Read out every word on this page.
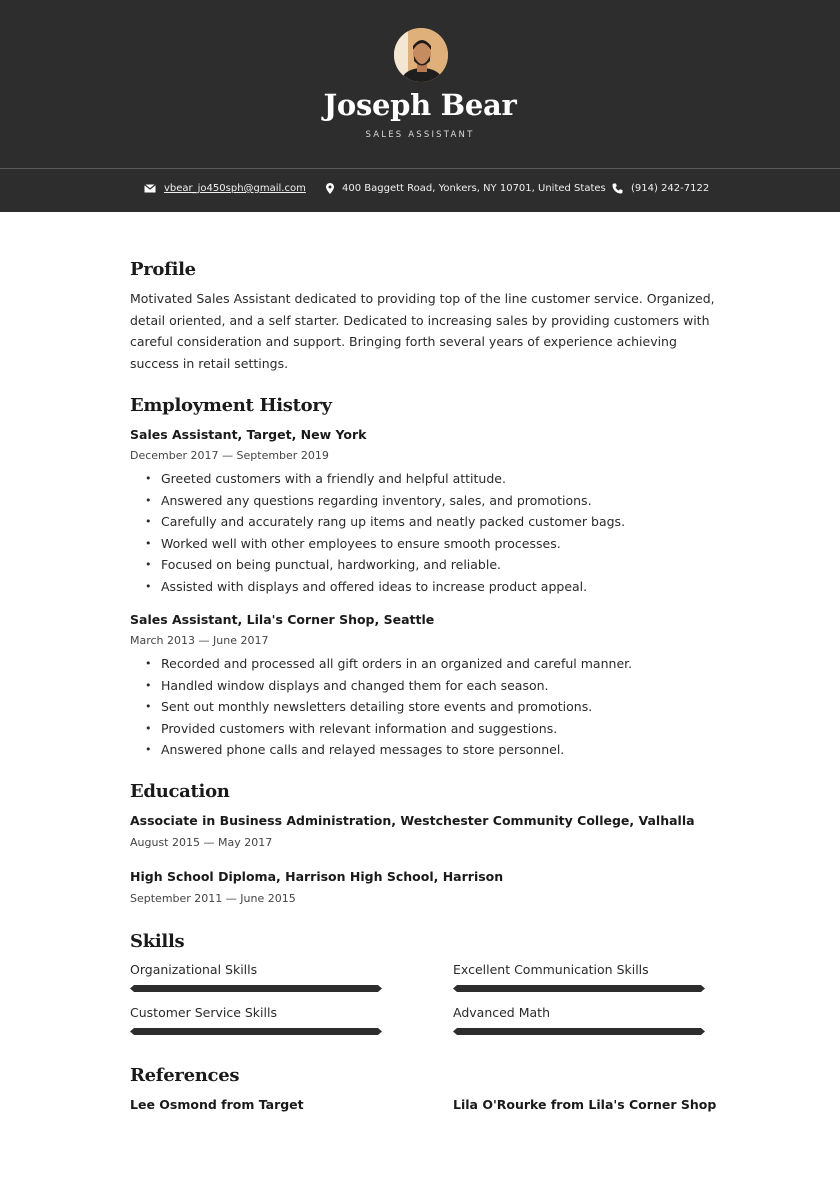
Joseph Bear
SALES ASSISTANT
vbear_jo450sph@gmail.com	400 Baggett Road, Yonkers, NY 10701, United States	(914) 242-7122
Profile
Motivated Sales Assistant dedicated to providing top of the line customer service. Organized, detail oriented, and a self starter. Dedicated to increasing sales by providing customers with careful consideration and support. Bringing forth several years of experience achieving success in retail settings.
Employment History
Sales Assistant, Target, New York
December 2017 — September 2019
• Greeted customers with a friendly and helpful attitude.
• Answered any questions regarding inventory, sales, and promotions.
• Carefully and accurately rang up items and neatly packed customer bags.
• Worked well with other employees to ensure smooth processes.
• Focused on being punctual, hardworking, and reliable.
• Assisted with displays and offered ideas to increase product appeal.
Sales Assistant, Lila's Corner Shop, Seattle
March 2013 — June 2017
• Recorded and processed all gift orders in an organized and careful manner.
• Handled window displays and changed them for each season.
• Sent out monthly newsletters detailing store events and promotions.
• Provided customers with relevant information and suggestions.
• Answered phone calls and relayed messages to store personnel.
Education
Associate in Business Administration, Westchester Community College, Valhalla
August 2015 — May 2017
High School Diploma, Harrison High School, Harrison
September 2011 — June 2015
Skills
Organizational Skills	Excellent Communication Skills
Customer Service Skills	Advanced Math
References
Lee Osmond from Target	Lila O'Rourke from Lila's Corner Shop
